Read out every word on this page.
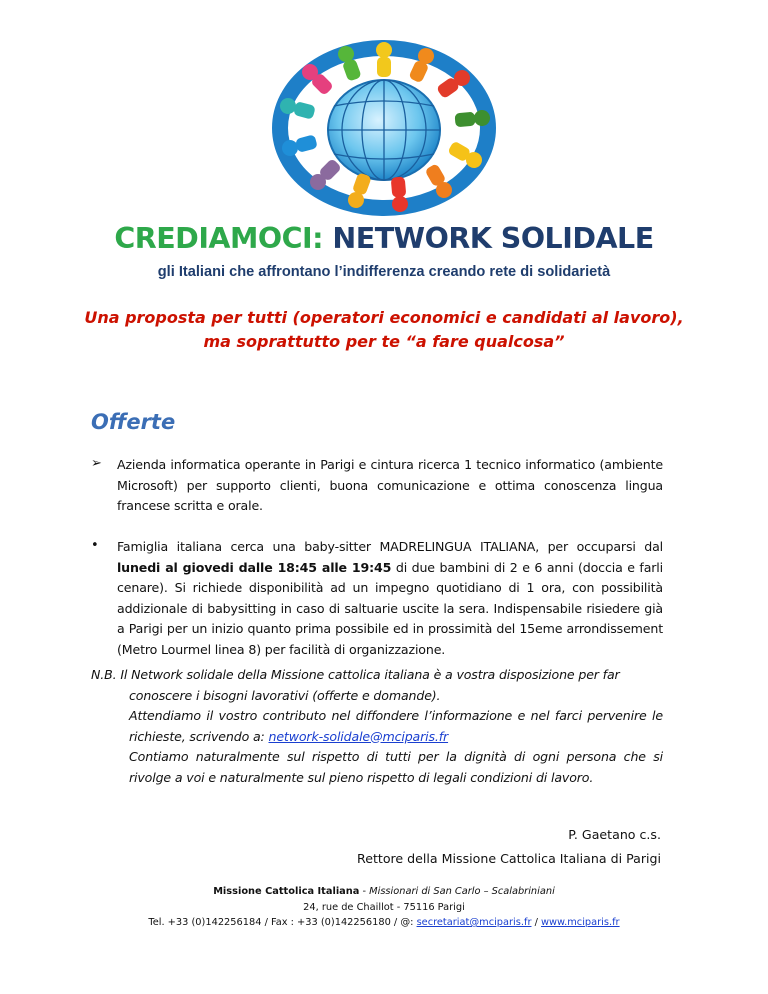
CREDIAMOCI: NETWORK SOLIDALE
gli Italiani che affrontano l’indifferenza creando rete di solidarietà
Una proposta per tutti (operatori economici e candidati al lavoro),
ma soprattutto per te “a fare qualcosa”
Offerte
➢ Azienda informatica operante in Parigi e cintura ricerca 1 tecnico informatico (ambiente Microsoft) per supporto clienti, buona comunicazione e ottima conoscenza lingua francese scritta e orale.
• Famiglia italiana cerca una baby-sitter MADRELINGUA ITALIANA, per occuparsi dal lunedi al giovedi dalle 18:45 alle 19:45 di due bambini di 2 e 6 anni (doccia e farli cenare). Si richiede disponibilità ad un impegno quotidiano di 1 ora, con possibilità addizionale di babysitting in caso di saltuarie uscite la sera. Indispensabile risiedere già a Parigi per un inizio quanto prima possibile ed in prossimità del 15eme arrondissement (Metro Lourmel linea 8) per facilità di organizzazione.

N.B. Il Network solidale della Missione cattolica italiana è a vostra disposizione per far

conoscere i bisogni lavorativi (offerte e domande).

Attendiamo il vostro contributo nel diffondere l’informazione e nel farci pervenire le richieste, scrivendo a: network-solidale@mciparis.fr

Contiamo naturalmente sul rispetto di tutti per la dignità di ogni persona che si rivolge a voi e naturalmente sul pieno rispetto di legali condizioni di lavoro.

P. Gaetano c.s.
Rettore della Missione Cattolica Italiana di Parigi
Missione Cattolica Italiana - Missionari di San Carlo – Scalabriniani
24, rue de Chaillot - 75116 Parigi
Tel. +33 (0)142256184 / Fax : +33 (0)142256180 / @: secretariat@mciparis.fr / www.mciparis.fr
